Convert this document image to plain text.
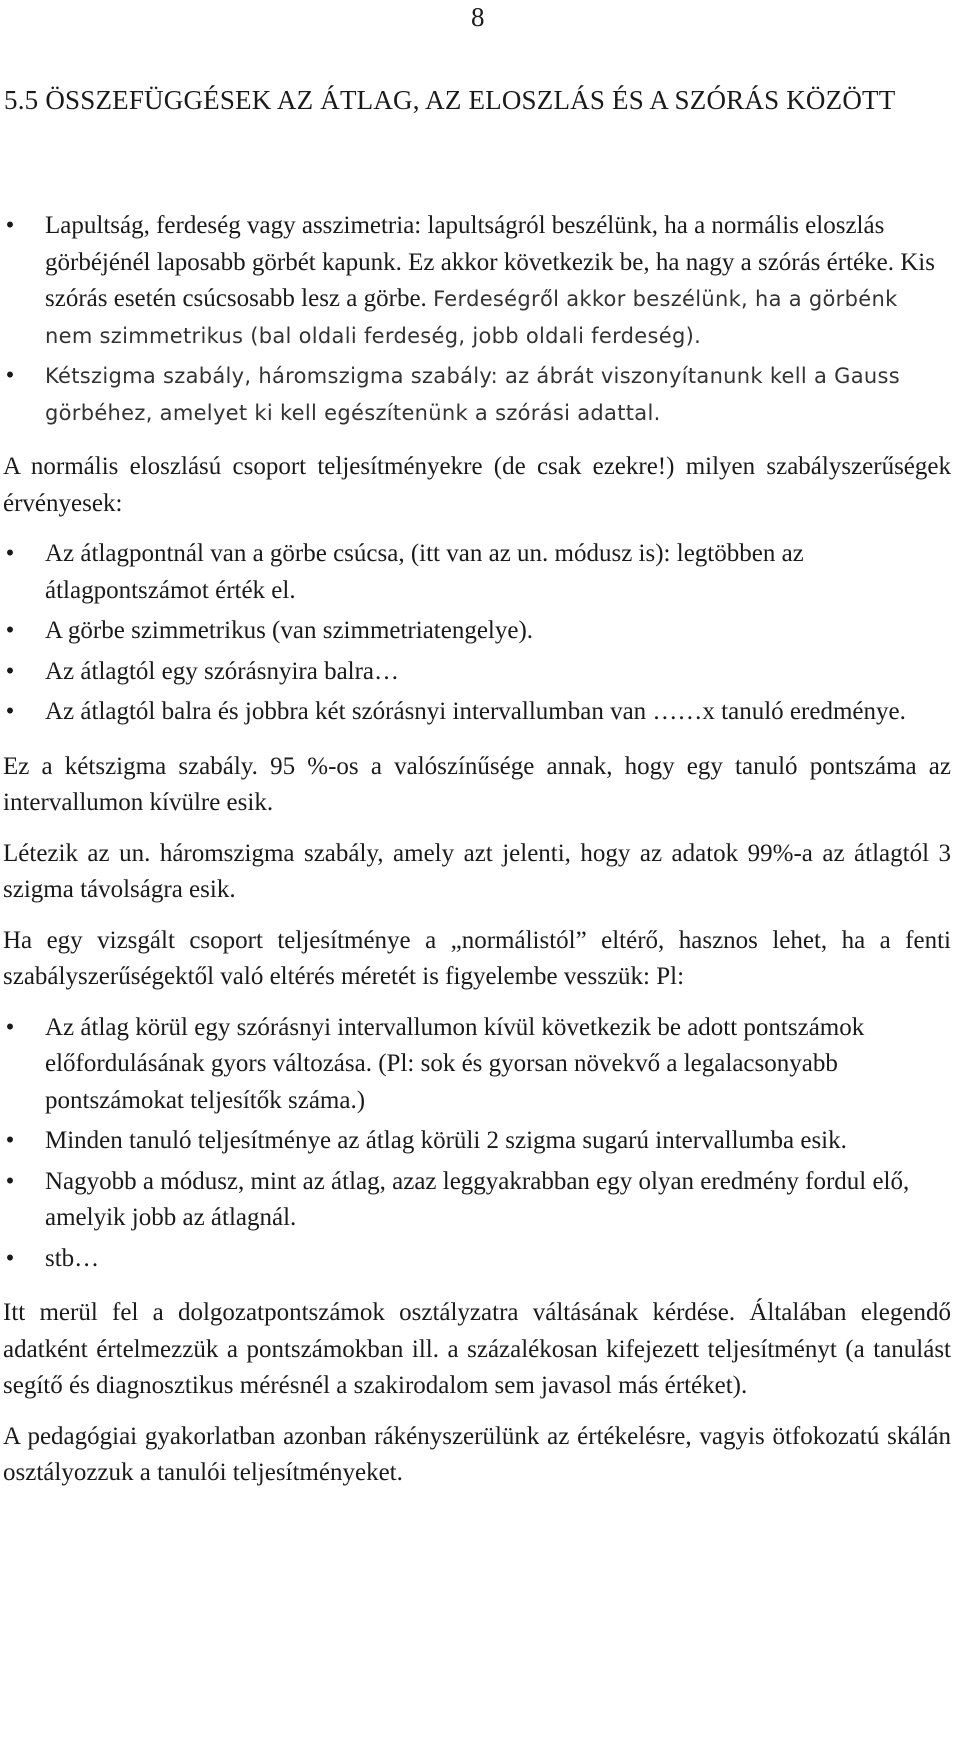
8
5.5 ÖSSZEFÜGGÉSEK AZ ÁTLAG, AZ ELOSZLÁS ÉS A SZÓRÁS KÖZÖTT
• Lapultság, ferdeség vagy asszimetria: lapultságról beszélünk, ha a normális eloszlás görbéjénél laposabb görbét kapunk. Ez akkor következik be, ha nagy a szórás értéke. Kis szórás esetén csúcsosabb lesz a görbe. Ferdeségről akkor beszélünk, ha a görbénk nem szimmetrikus (bal oldali ferdeség, jobb oldali ferdeség).
• Kétszigma szabály, háromszigma szabály: az ábrát viszonyítanunk kell a Gauss görbéhez, amelyet ki kell egészítenünk a szórási adattal.

A normális eloszlású csoport teljesítményekre (de csak ezekre!) milyen szabályszerűségek érvényesek:

• Az átlagpontnál van a görbe csúcsa, (itt van az un. módusz is): legtöbben az átlagpontszámot érték el.
• A görbe szimmetrikus (van szimmetriatengelye).
• Az átlagtól egy szórásnyira balra…
• Az átlagtól balra és jobbra két szórásnyi intervallumban van ……x tanuló eredménye.

Ez a kétszigma szabály. 95 %-os a valószínűsége annak, hogy egy tanuló pontszáma az intervallumon kívülre esik.

Létezik az un. háromszigma szabály, amely azt jelenti, hogy az adatok 99%-a az átlagtól 3 szigma távolságra esik.

Ha egy vizsgált csoport teljesítménye a „normálistól” eltérő, hasznos lehet, ha a fenti szabályszerűségektől való eltérés méretét is figyelembe vesszük: Pl:

• Az átlag körül egy szórásnyi intervallumon kívül következik be adott pontszámok előfordulásának gyors változása. (Pl: sok és gyorsan növekvő a legalacsonyabb pontszámokat teljesítők száma.)
• Minden tanuló teljesítménye az átlag körüli 2 szigma sugarú intervallumba esik.
• Nagyobb a módusz, mint az átlag, azaz leggyakrabban egy olyan eredmény fordul elő, amelyik jobb az átlagnál.
• stb…

Itt merül fel a dolgozatpontszámok osztályzatra váltásának kérdése. Általában elegendő adatként értelmezzük a pontszámokban ill. a százalékosan kifejezett teljesítményt (a tanulást segítő és diagnosztikus mérésnél a szakirodalom sem javasol más értéket).

A pedagógiai gyakorlatban azonban rákényszerülünk az értékelésre, vagyis ötfokozatú skálán osztályozzuk a tanulói teljesítményeket.
